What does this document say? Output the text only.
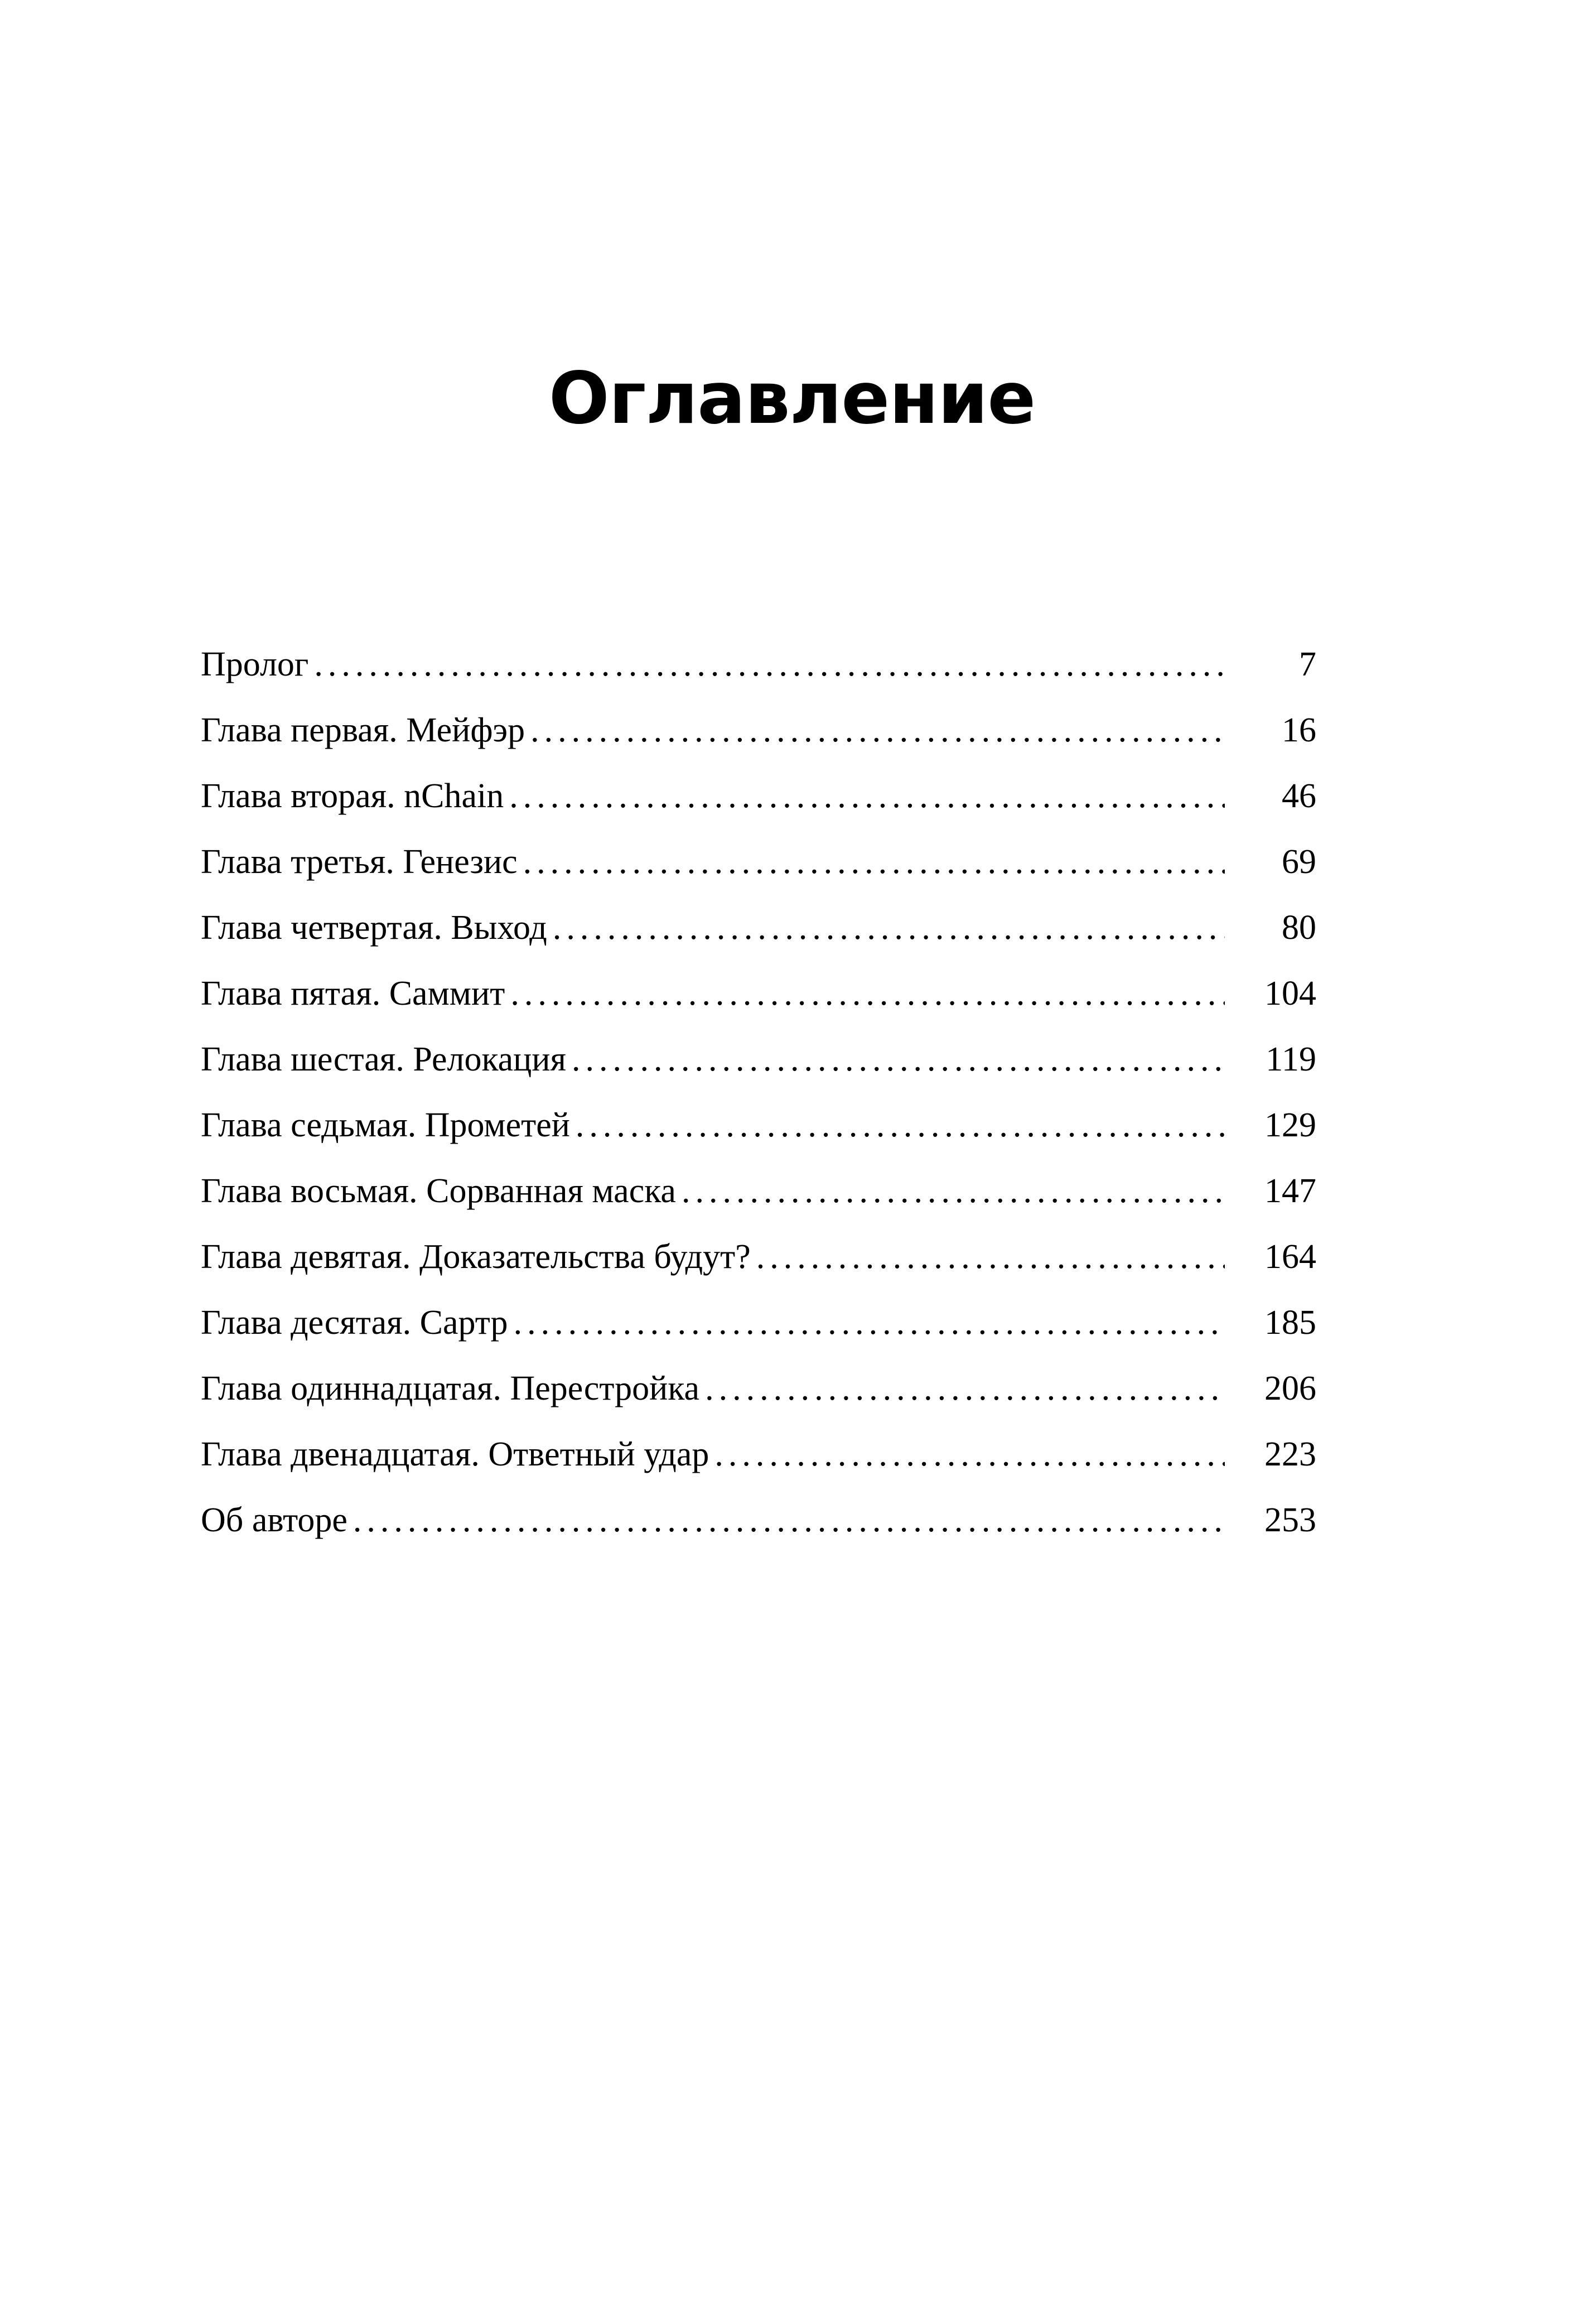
Оглавление
Пролог .....	7
Глава первая. Мейфэр .....	16
Глава вторая. nChain .....	46
Глава третья. Генезис .....	69
Глава четвертая. Выход .....	80
Глава пятая. Саммит .....	104
Глава шестая. Релокация .....	119
Глава седьмая. Прометей .....	129
Глава восьмая. Сорванная маска .....	147
Глава девятая. Доказательства будут? .....	164
Глава десятая. Сартр .....	185
Глава одиннадцатая. Перестройка .....	206
Глава двенадцатая. Ответный удар .....	223
Об авторе .....	253
